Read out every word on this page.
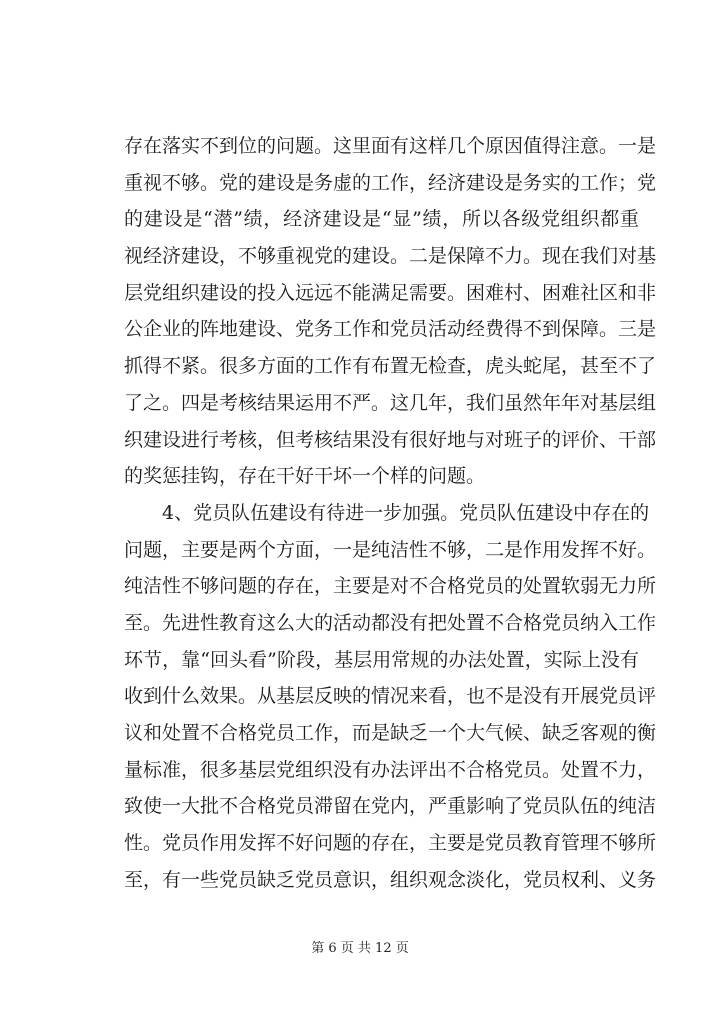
存在落实不到位的问题。这里面有这样几个原因值得注意。一是
重视不够。党的建设是务虚的工作，经济建设是务实的工作；党
的建设是“潜”绩，经济建设是“显”绩，所以各级党组织都重
视经济建设，不够重视党的建设。二是保障不力。现在我们对基
层党组织建设的投入远远不能满足需要。困难村、困难社区和非
公企业的阵地建设、党务工作和党员活动经费得不到保障。三是
抓得不紧。很多方面的工作有布置无检查，虎头蛇尾，甚至不了
了之。四是考核结果运用不严。这几年，我们虽然年年对基层组
织建设进行考核，但考核结果没有很好地与对班子的评价、干部
的奖惩挂钩，存在干好干坏一个样的问题。
4、党员队伍建设有待进一步加强。党员队伍建设中存在的
问题，主要是两个方面，一是纯洁性不够，二是作用发挥不好。
纯洁性不够问题的存在，主要是对不合格党员的处置软弱无力所
至。先进性教育这么大的活动都没有把处置不合格党员纳入工作
环节，靠“回头看”阶段，基层用常规的办法处置，实际上没有
收到什么效果。从基层反映的情况来看，也不是没有开展党员评
议和处置不合格党员工作，而是缺乏一个大气候、缺乏客观的衡
量标准，很多基层党组织没有办法评出不合格党员。处置不力，
致使一大批不合格党员滞留在党内，严重影响了党员队伍的纯洁
性。党员作用发挥不好问题的存在，主要是党员教育管理不够所
至，有一些党员缺乏党员意识，组织观念淡化，党员权利、义务
第 6 页 共 12 页
